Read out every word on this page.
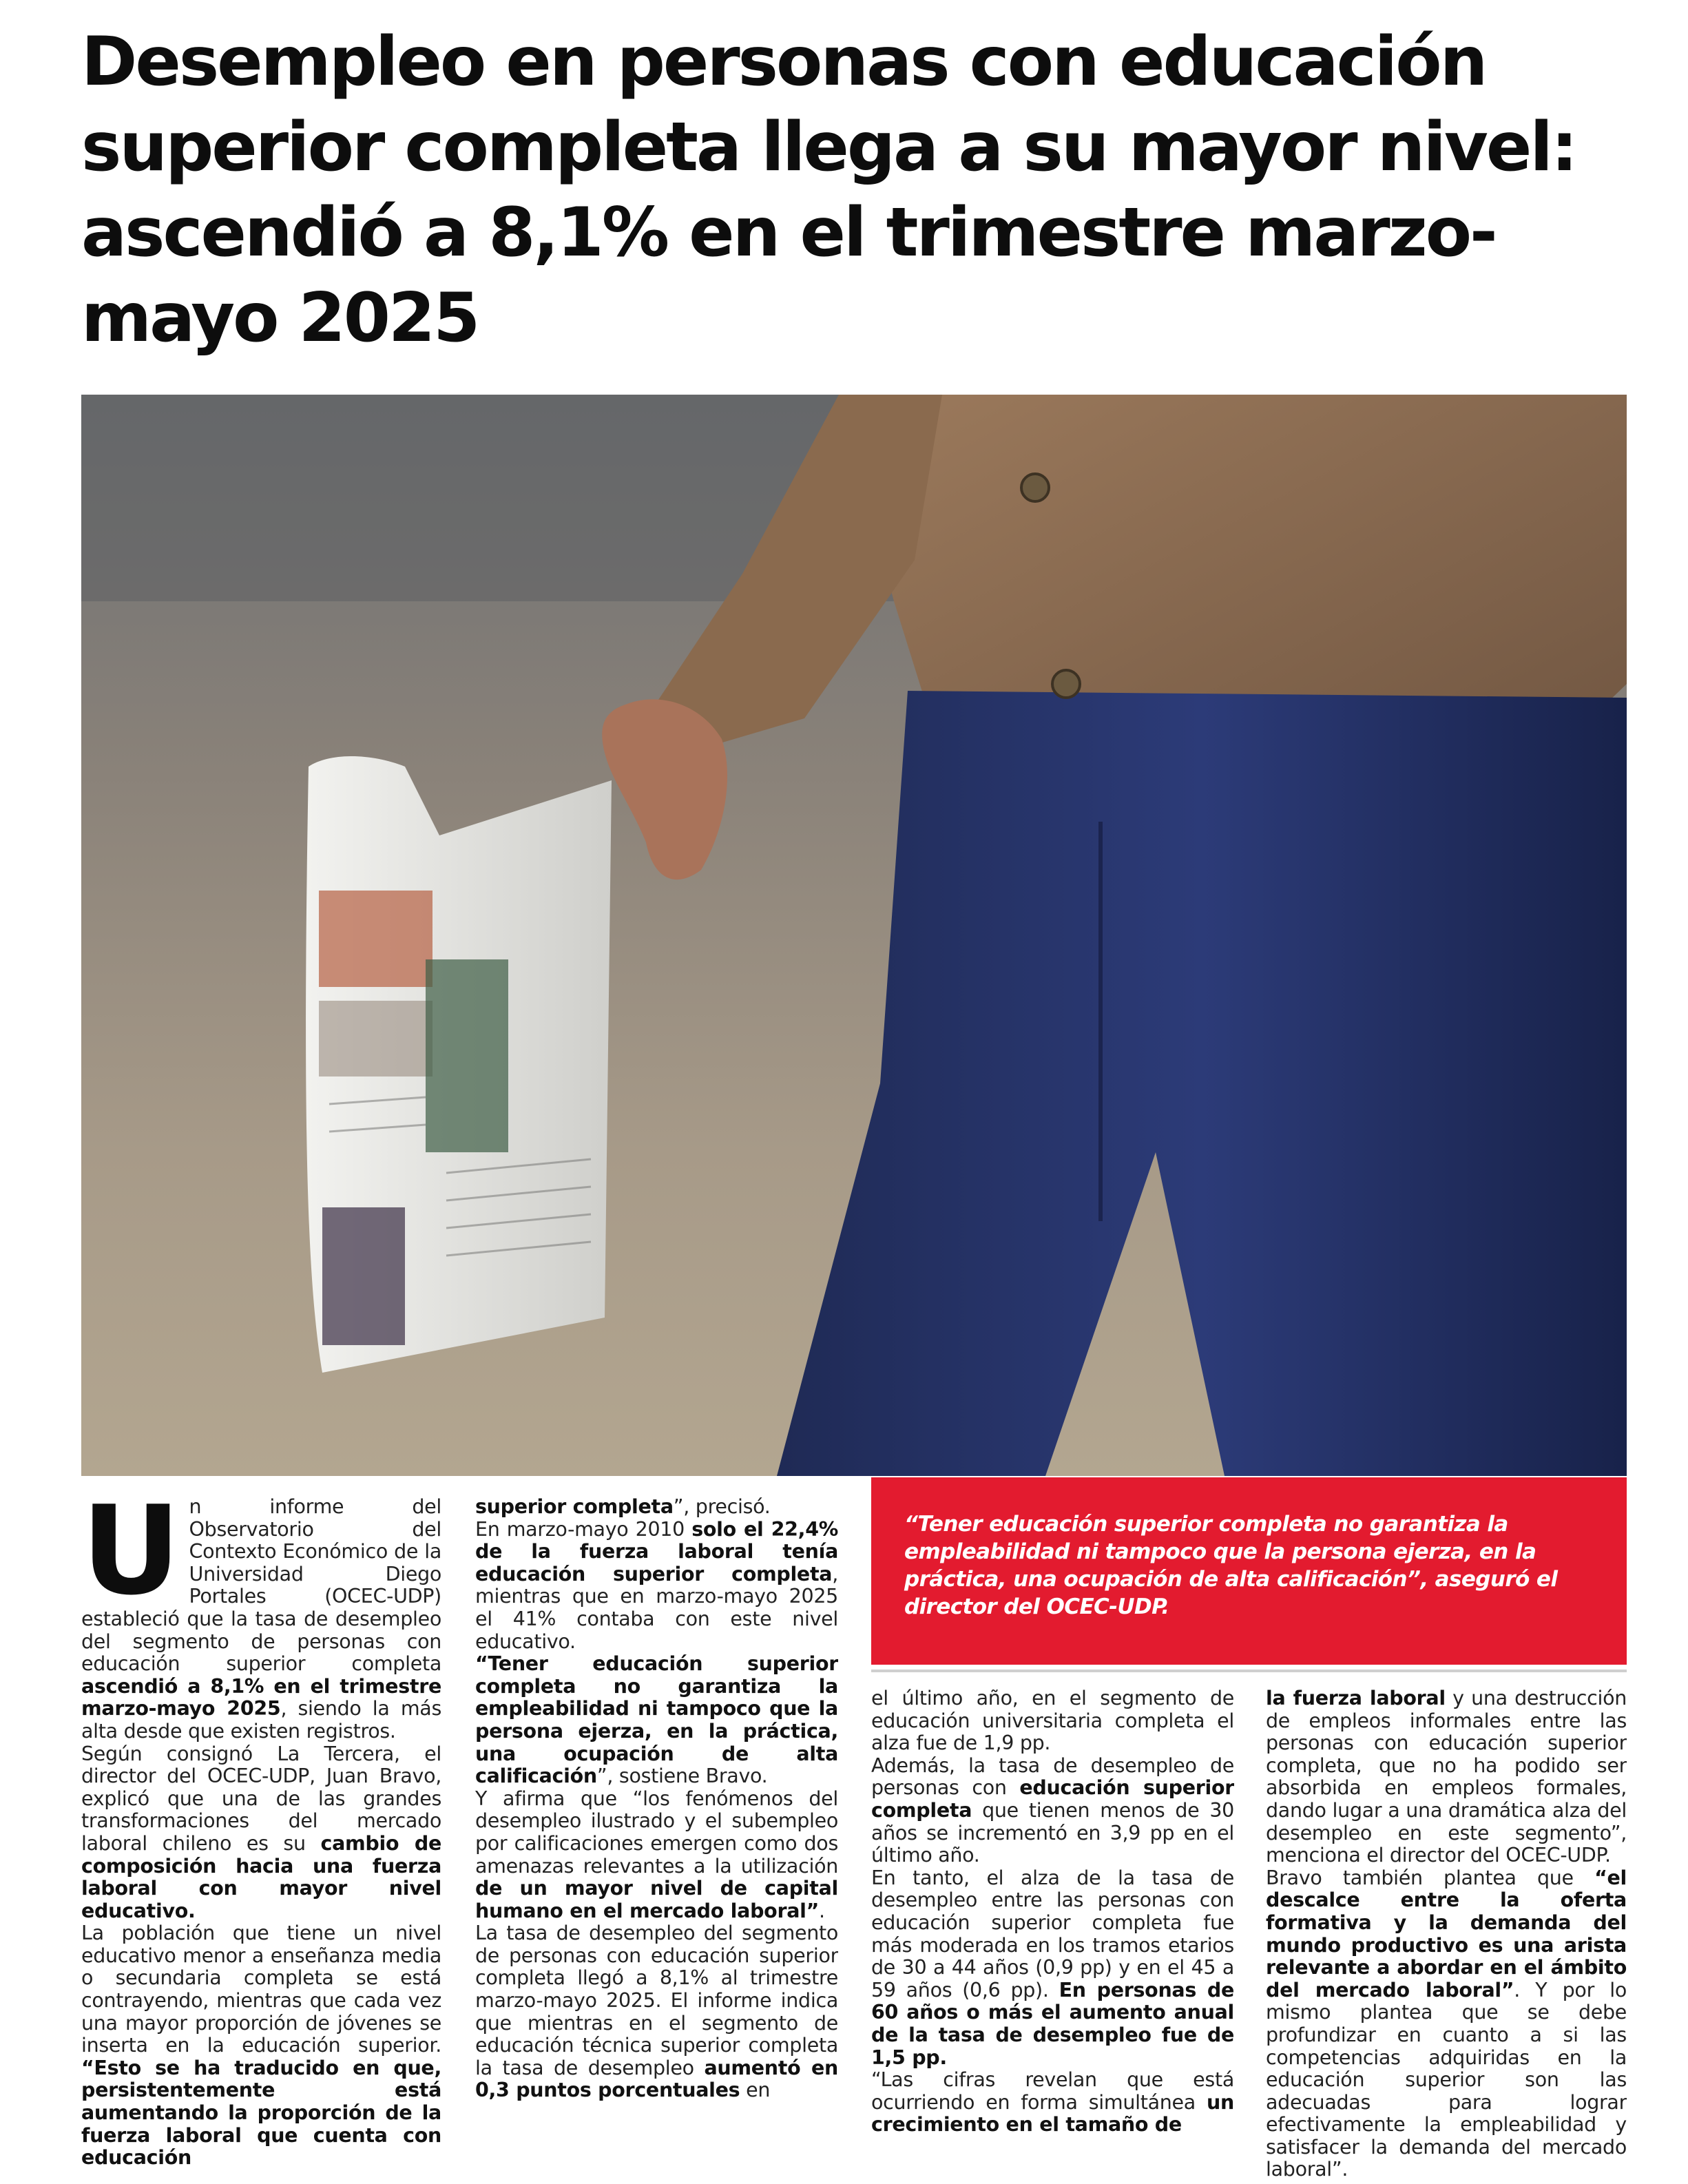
Desempleo en personas con educación superior completa llega a su mayor nivel: ascendió a 8,1% en el trimestre marzo-mayo 2025
U n informe del Observatorio del Contexto Económico de la Universidad Diego Portales (OCEC-UDP) estableció que la tasa de desempleo del segmento de personas con educación superior completa ascendió a 8,1% en el trimestre marzo-mayo 2025, siendo la más alta desde que existen registros.

Según consignó La Tercera, el director del OCEC-UDP, Juan Bravo, explicó que una de las grandes transformaciones del mercado laboral chileno es su cambio de composición hacia una fuerza laboral con mayor nivel educativo.

La población que tiene un nivel educativo menor a enseñanza media o secundaria completa se está contrayendo, mientras que cada vez una mayor proporción de jóvenes se inserta en la educación superior. “Esto se ha traducido en que, persistentemente está aumentando la proporción de la fuerza laboral que cuenta con educación

superior completa”, precisó.

En marzo-mayo 2010 solo el 22,4% de la fuerza laboral tenía educación superior completa, mientras que en marzo-mayo 2025 el 41% contaba con este nivel educativo.

“Tener educación superior completa no garantiza la empleabilidad ni tampoco que la persona ejerza, en la práctica, una ocupación de alta calificación”, sostiene Bravo.

Y afirma que “los fenómenos del desempleo ilustrado y el subempleo por calificaciones emergen como dos amenazas relevantes a la utilización de un mayor nivel de capital humano en el mercado laboral”.

La tasa de desempleo del segmento de personas con educación superior completa llegó a 8,1% al trimestre marzo-mayo 2025. El informe indica que mientras en el segmento de educación técnica superior completa la tasa de desempleo aumentó en 0,3 puntos porcentuales en

“Tener educación superior completa no garantiza la empleabilidad ni tampoco que la persona ejerza, en la práctica, una ocupación de alta calificación”, aseguró el director del OCEC-UDP.

el último año, en el segmento de educación universitaria completa el alza fue de 1,9 pp.

Además, la tasa de desempleo de personas con educación superior completa que tienen menos de 30 años se incrementó en 3,9 pp en el último año.

En tanto, el alza de la tasa de desempleo entre las personas con educación superior completa fue más moderada en los tramos etarios de 30 a 44 años (0,9 pp) y en el 45 a 59 años (0,6 pp). En personas de 60 años o más el aumento anual de la tasa de desempleo fue de 1,5 pp.

“Las cifras revelan que está ocurriendo en forma simultánea un crecimiento en el tamaño de

la fuerza laboral y una destrucción de empleos informales entre las personas con educación superior completa, que no ha podido ser absorbida en empleos formales, dando lugar a una dramática alza del desempleo en este segmento”, menciona el director del OCEC-UDP.

Bravo también plantea que “el descalce entre la oferta formativa y la demanda del mundo productivo es una arista relevante a abordar en el ámbito del mercado laboral”. Y por lo mismo plantea que se debe profundizar en cuanto a si las competencias adquiridas en la educación superior son las adecuadas para lograr efectivamente la empleabilidad y satisfacer la demanda del mercado laboral”.
